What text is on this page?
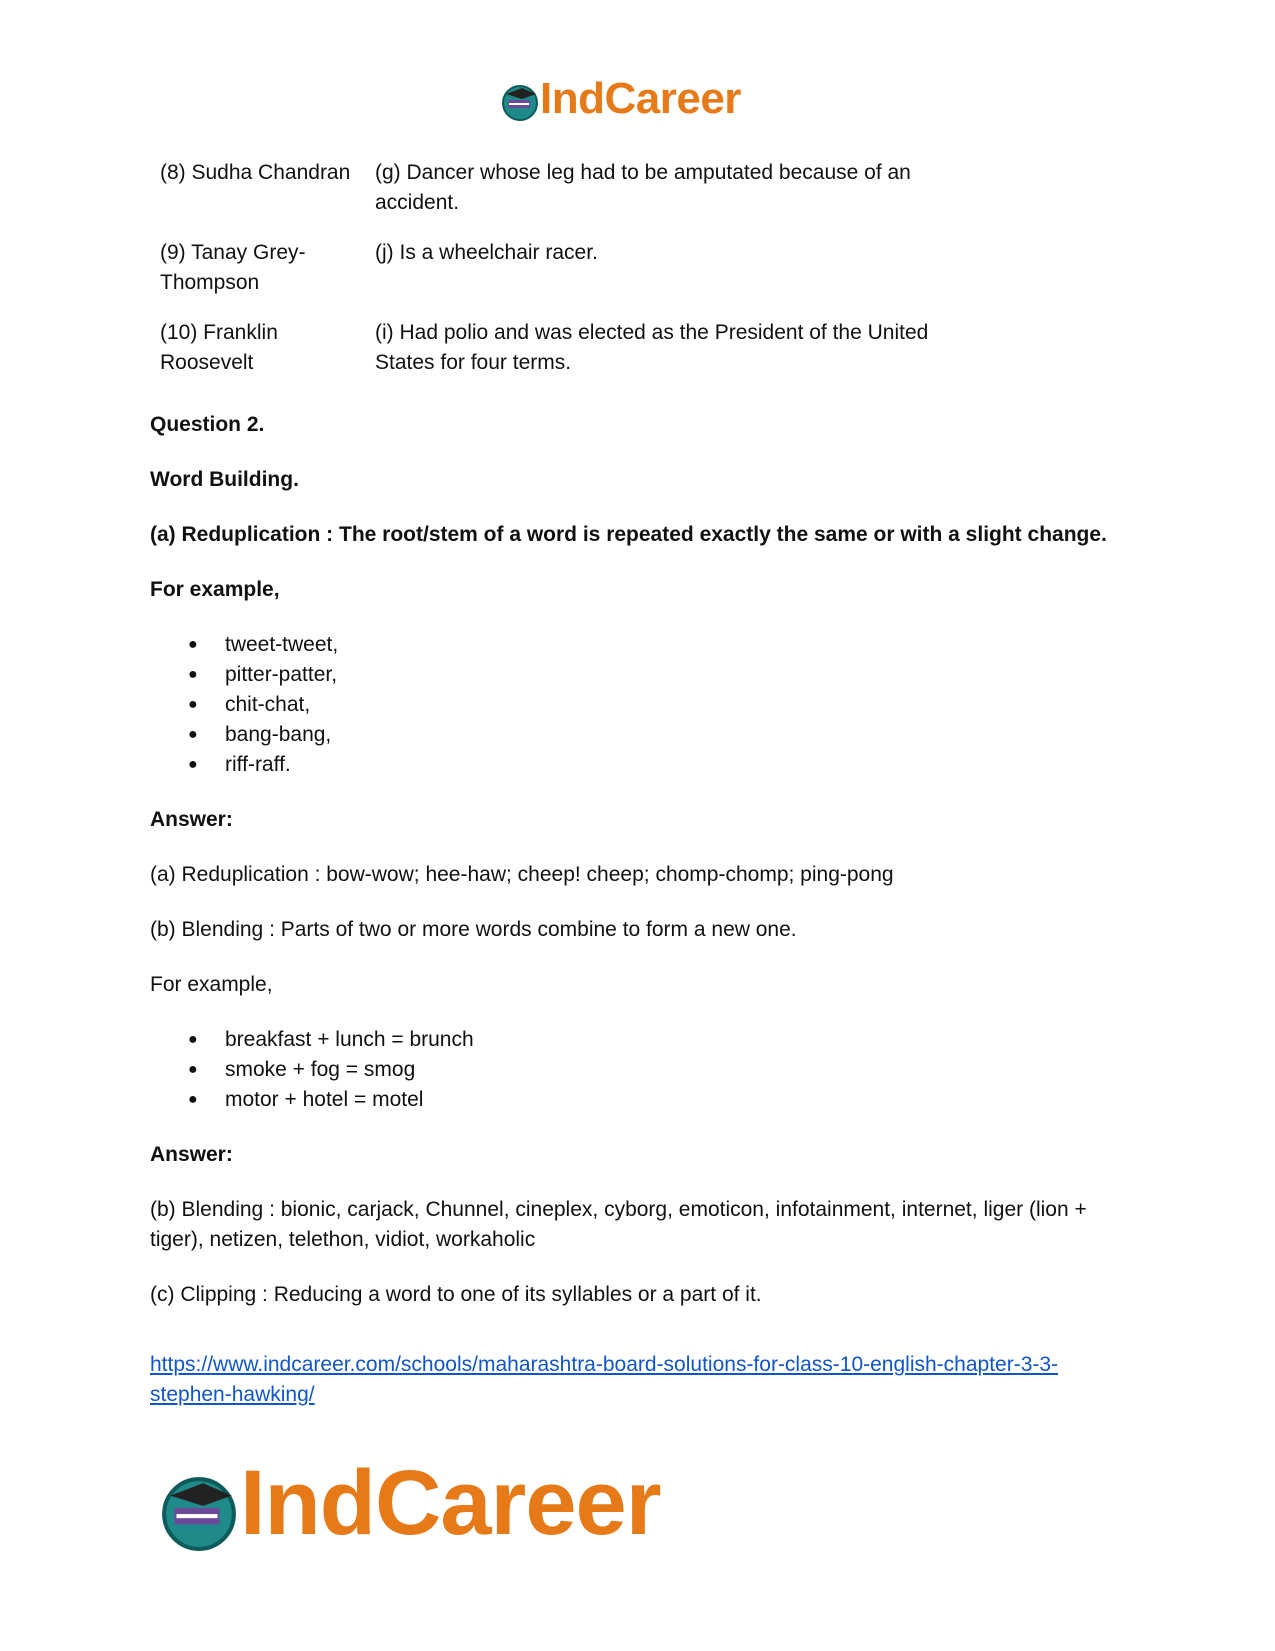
IndCareer
(8) Sudha Chandran	(g) Dancer whose leg had to be amputated because of an accident.
(9) Tanay Grey-Thompson
(j) Is a wheelchair racer.
(10) Franklin Roosevelt
(i) Had polio and was elected as the President of the United States for four terms.

Question 2.

Word Building.

(a) Reduplication : The root/stem of a word is repeated exactly the same or with a slight change.

For example,

● tweet-tweet,
● pitter-patter,
● chit-chat,
● bang-bang,
● riff-raff.

Answer:

(a) Reduplication : bow-wow; hee-haw; cheep! cheep; chomp-chomp; ping-pong

(b) Blending : Parts of two or more words combine to form a new one.

For example,

● breakfast + lunch = brunch
● smoke + fog = smog
● motor + hotel = motel

Answer:

(b) Blending : bionic, carjack, Chunnel, cineplex, cyborg, emoticon, infotainment, internet, liger (lion + tiger), netizen, telethon, vidiot, workaholic

(c) Clipping : Reducing a word to one of its syllables or a part of it.

https://www.indcareer.com/schools/maharashtra-board-solutions-for-class-10-english-chapter-3-3-stephen-hawking/
IndCareer
